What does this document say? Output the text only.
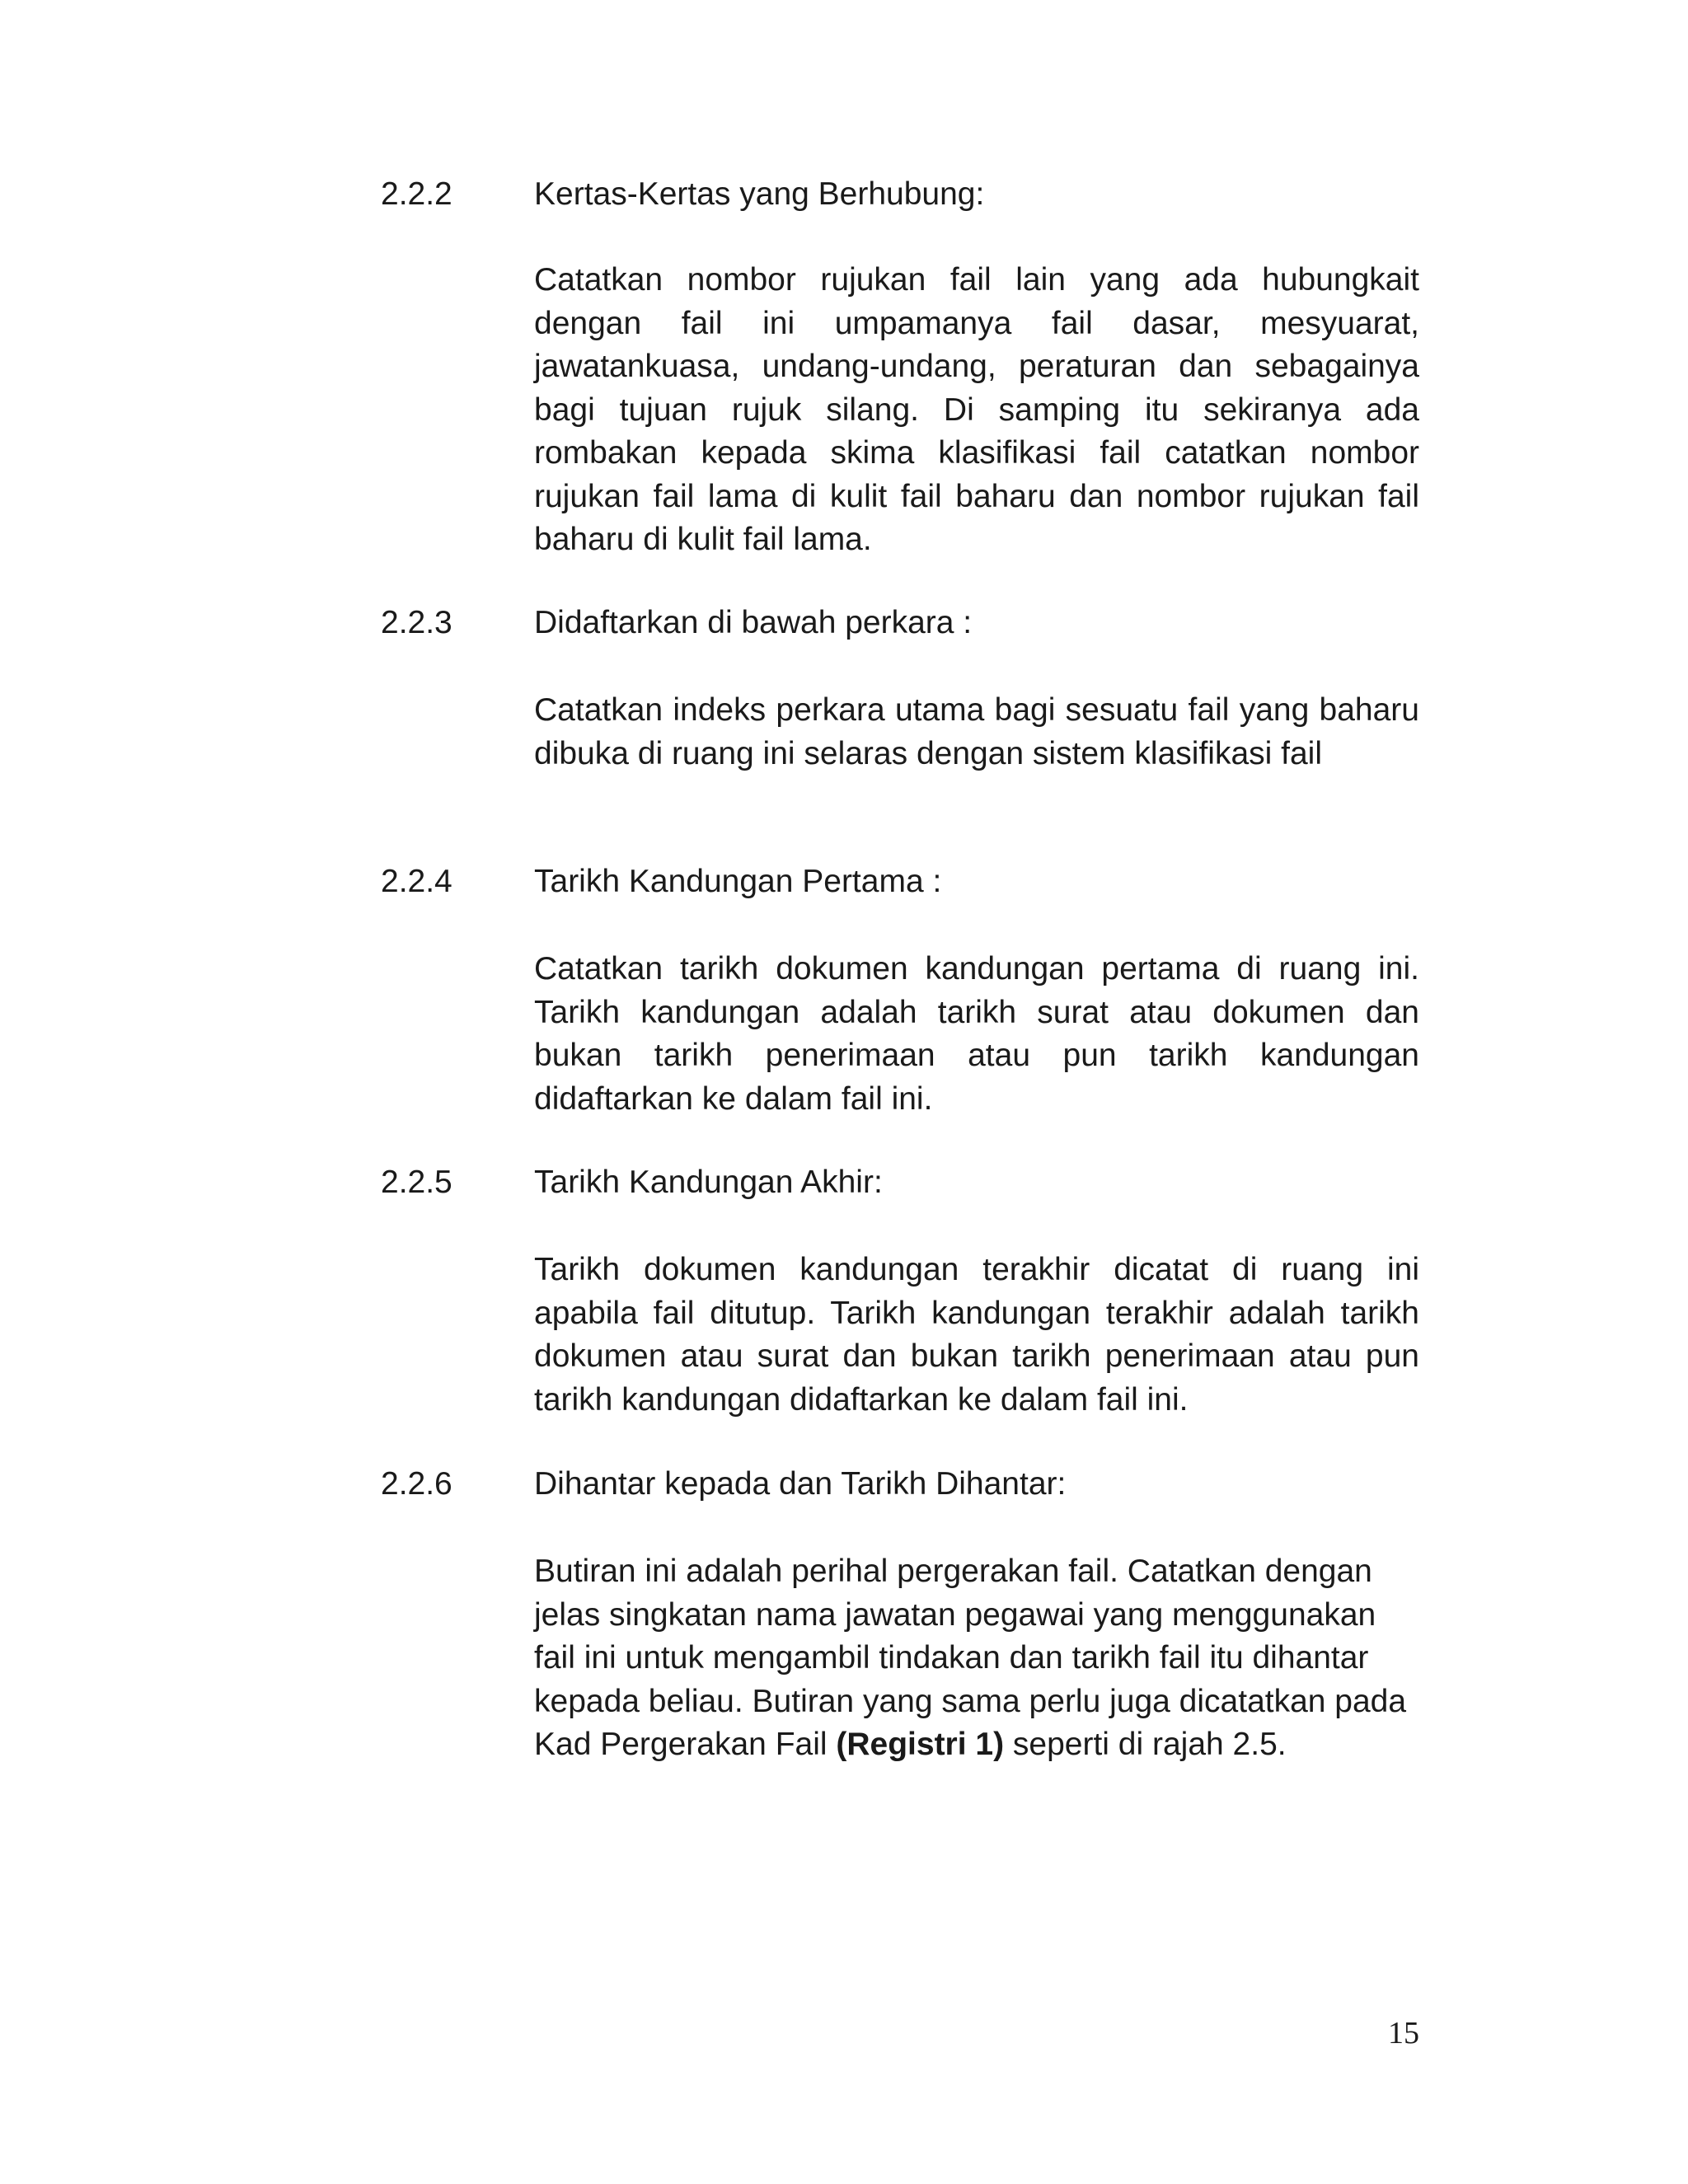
2.2.2	Kertas-Kertas yang Berhubung:

Catatkan nombor rujukan fail lain yang ada hubungkait dengan fail ini umpamanya fail dasar, mesyuarat, jawatankuasa, undang-undang, peraturan dan sebagainya bagi tujuan rujuk silang. Di samping itu sekiranya ada rombakan kepada skima klasifikasi fail catatkan nombor rujukan fail lama di kulit fail baharu dan nombor rujukan fail baharu di kulit fail lama.

2.2.3	Didaftarkan di bawah perkara :

Catatkan indeks perkara utama bagi sesuatu fail yang baharu dibuka di ruang ini selaras dengan sistem klasifikasi fail

2.2.4	Tarikh Kandungan Pertama :

Catatkan tarikh dokumen kandungan pertama di ruang ini. Tarikh kandungan adalah tarikh surat atau dokumen dan bukan tarikh penerimaan atau pun tarikh kandungan didaftarkan ke dalam fail ini.

2.2.5	Tarikh Kandungan Akhir:

Tarikh dokumen kandungan terakhir dicatat di ruang ini apabila fail ditutup. Tarikh kandungan terakhir adalah tarikh dokumen atau surat dan bukan tarikh penerimaan atau pun tarikh kandungan didaftarkan ke dalam fail ini.

2.2.6	Dihantar kepada dan Tarikh Dihantar:

Butiran ini adalah perihal pergerakan fail. Catatkan dengan jelas singkatan nama jawatan pegawai yang menggunakan fail ini untuk mengambil tindakan dan tarikh fail itu dihantar kepada beliau. Butiran yang sama perlu juga dicatatkan pada Kad Pergerakan Fail (Registri 1) seperti di rajah 2.5.

15
